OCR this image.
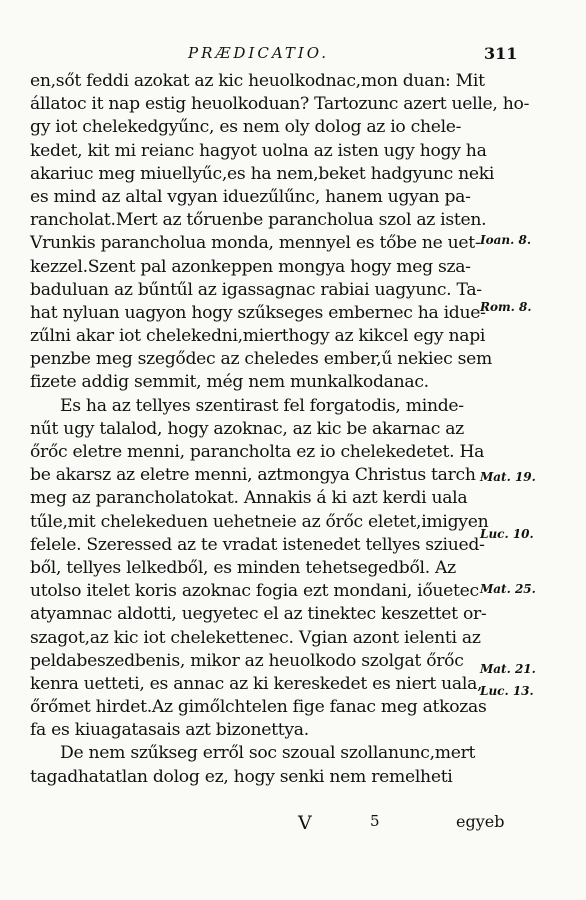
PRÆDICATIO.	311
en,sőt feddi azokat az kic heuolkodnac,mon duan: Mit
állatoc it nap estig heuolkoduan? Tartozunc azert uelle, ho-
gy iot chelekedgyűnc, es nem oly dolog az io chele-
kedet, kit mi reianc hagyot uolna az isten ugy hogy ha
akariuc meg miuellyűc,es ha nem,beket hadgyunc neki
es mind az altal vgyan iduezűlűnc, hanem ugyan pa-
rancholat.Mert az tőruenbe parancholua szol az isten.
Vrunkis parancholua monda, mennyel es tőbe ne uet-
kezzel.Szent pal azonkeppen mongya hogy meg sza-
baduluan az bűntűl az igassagnac rabiai uagyunc. Ta-
hat nyluan uagyon hogy szűkseges embernec ha idue-
zűlni akar iot chelekedni,mierthogy az kikcel egy napi
penzbe meg szegődec az cheledes ember,ű nekiec sem
fizete addig semmit, még nem munkalkodanac.
Es ha az tellyes szentirast fel forgatodis, minde-
nűt ugy talalod, hogy azoknac, az kic be akarnac az
őrőc eletre menni, parancholta ez io chelekedetet. Ha
be akarsz az eletre menni, aztmongya Christus tarch
meg az parancholatokat. Annakis á ki azt kerdi uala
tűle,mit chelekeduen uehetneie az őrőc eletet,imigyen
felele. Szeressed az te vradat istenedet tellyes sziued-
ből, tellyes lelkedből, es minden tehetsegedből. Az
utolso itelet koris azoknac fogia ezt mondani, iőuetec
atyamnac aldotti, uegyetec el az tinektec keszettet or-
szagot,az kic iot chelekettenec. Vgian azont ielenti az
peldabeszedbenis, mikor az heuolkodo szolgat őrőc
kenra uetteti, es annac az ki kereskedet es niert uala,
őrőmet hirdet.Az gimőlchtelen fige fanac meg atkozas
fa es kiuagatasais azt bizonettya.
De nem szűkseg erről soc szoual szollanunc,mert
tagadhatatlan dolog ez, hogy senki nem remelheti
Ioan. 8.
Rom. 8.
Mat. 19.
Luc. 10.
Mat. 25.
Mat. 21.
Luc. 13.
V	5	egyeb
